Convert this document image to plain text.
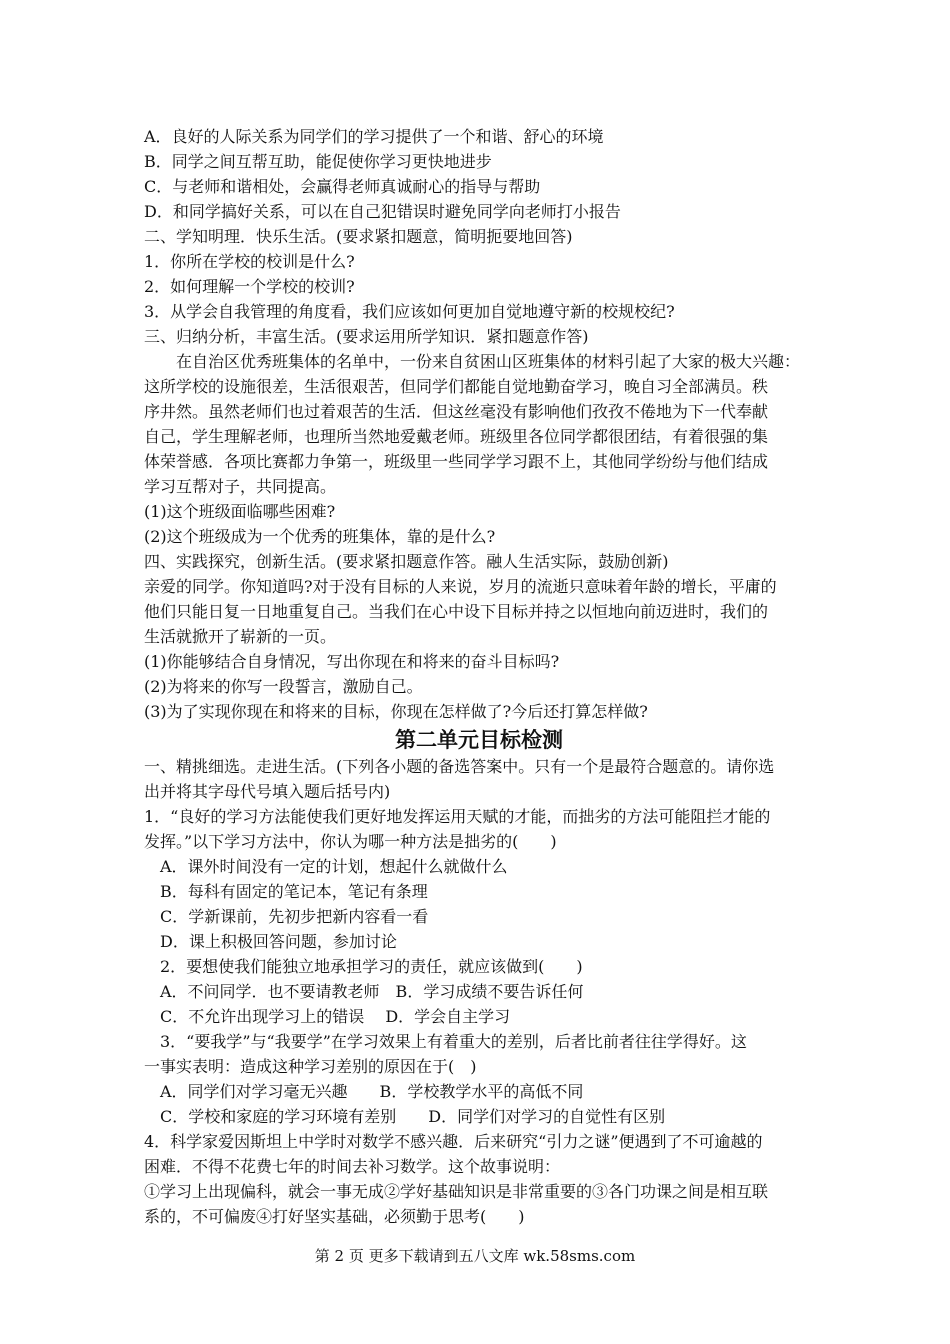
A．良好的人际关系为同学们的学习提供了一个和谐、舒心的环境
B．同学之间互帮互助，能促使你学习更快地进步
C．与老师和谐相处，会赢得老师真诚耐心的指导与帮助
D．和同学搞好关系，可以在自己犯错误时避免同学向老师打小报告
二、学知明理．快乐生活。(要求紧扣题意，简明扼要地回答)
1．你所在学校的校训是什么?
2．如何理解一个学校的校训?
3．从学会自我管理的角度看，我们应该如何更加自觉地遵守新的校规校纪?
三、归纳分析，丰富生活。(要求运用所学知识．紧扣题意作答)
在自治区优秀班集体的名单中，一份来自贫困山区班集体的材料引起了大家的极大兴趣：
这所学校的设施很差，生活很艰苦，但同学们都能自觉地勤奋学习，晚自习全部满员。秩
序井然。虽然老师们也过着艰苦的生活．但这丝毫没有影响他们孜孜不倦地为下一代奉献
自己，学生理解老师，也理所当然地爱戴老师。班级里各位同学都很团结，有着很强的集
体荣誉感．各项比赛都力争第一，班级里一些同学学习跟不上，其他同学纷纷与他们结成
学习互帮对子，共同提高。
(1)这个班级面临哪些困难?
(2)这个班级成为一个优秀的班集体，靠的是什么?
四、实践探究，创新生活。(要求紧扣题意作答。融人生活实际，鼓励创新)
亲爱的同学。你知道吗?对于没有目标的人来说，岁月的流逝只意味着年龄的增长，平庸的
他们只能日复一日地重复自己。当我们在心中设下目标并持之以恒地向前迈进时，我们的
生活就掀开了崭新的一页。
(1)你能够结合自身情况，写出你现在和将来的奋斗目标吗?
(2)为将来的你写一段誓言，激励自己。
(3)为了实现你现在和将来的目标，你现在怎样做了?今后还打算怎样做?
第二单元目标检测
一、精挑细选。走进生活。(下列各小题的备选答案中。只有一个是最符合题意的。请你选
出并将其字母代号填入题后括号内)
1．“良好的学习方法能使我们更好地发挥运用天赋的才能，而拙劣的方法可能阻拦才能的
发挥。”以下学习方法中，你认为哪一种方法是拙劣的(　　)
A．课外时间没有一定的计划，想起什么就做什么
B．每科有固定的笔记本，笔记有条理
C．学新课前，先初步把新内容看一看
D．课上积极回答问题，参加讨论
2．要想使我们能独立地承担学习的责任，就应该做到(　　)
A．不问同学．也不要请教老师　B．学习成绩不要告诉任何
C．不允许出现学习上的错误　 D．学会自主学习
3．“要我学”与“我要学”在学习效果上有着重大的差别，后者比前者往往学得好。这
一事实表明：造成这种学习差别的原因在于(　)
A．同学们对学习毫无兴趣　　B．学校教学水平的高低不同
C．学校和家庭的学习环境有差别　　D．同学们对学习的自觉性有区别
4．科学家爱因斯坦上中学时对数学不感兴趣．后来研究“引力之谜”便遇到了不可逾越的
困难．不得不花费七年的时间去补习数学。这个故事说明：
①学习上出现偏科，就会一事无成②学好基础知识是非常重要的③各门功课之间是相互联
系的，不可偏废④打好坚实基础，必须勤于思考(　　)
第 2 页 更多下载请到五八文库 wk.58sms.com
